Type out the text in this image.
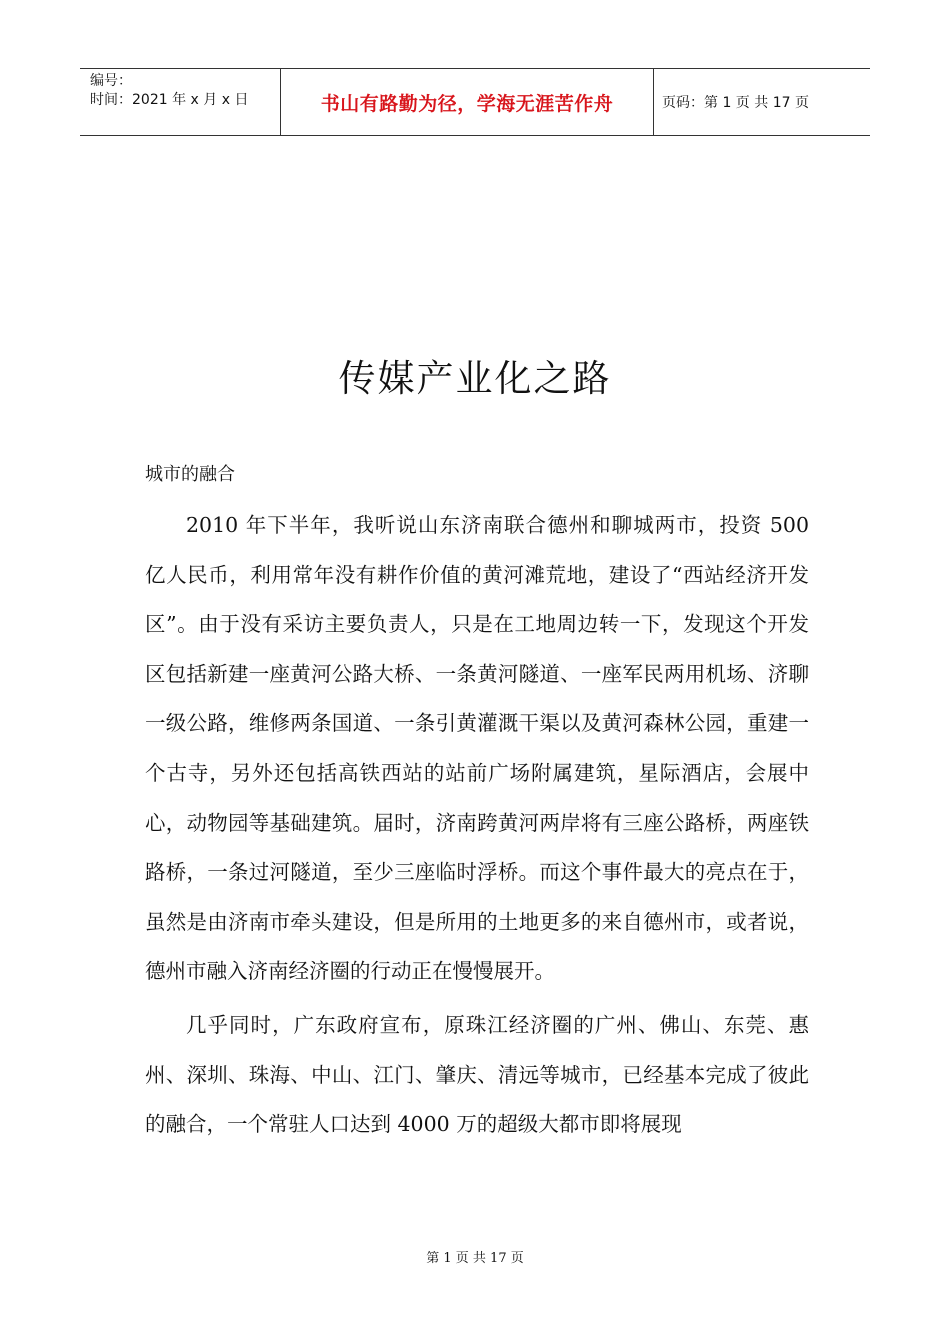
编号：
时间：2021 年 x 月 x 日	书山有路勤为径，学海无涯苦作舟	页码：第 1 页 共 17 页
传媒产业化之路
城市的融合

2010 年下半年，我听说山东济南联合德州和聊城两市，投资 500 亿人民币，利用常年没有耕作价值的黄河滩荒地，建设了“西站经济开发区”。由于没有采访主要负责人，只是在工地周边转一下，发现这个开发区包括新建一座黄河公路大桥、一条黄河隧道、一座军民两用机场、济聊一级公路，维修两条国道、一条引黄灌溉干渠以及黄河森林公园，重建一个古寺，另外还包括高铁西站的站前广场附属建筑，星际酒店，会展中心，动物园等基础建筑。届时，济南跨黄河两岸将有三座公路桥，两座铁路桥，一条过河隧道，至少三座临时浮桥。而这个事件最大的亮点在于，虽然是由济南市牵头建设，但是所用的土地更多的来自德州市，或者说，德州市融入济南经济圈的行动正在慢慢展开。

几乎同时，广东政府宣布，原珠江经济圈的广州、佛山、东莞、惠州、深圳、珠海、中山、江门、肇庆、清远等城市，已经基本完成了彼此的融合，一个常驻人口达到 4000 万的超级大都市即将展现

第 1 页 共 17 页
